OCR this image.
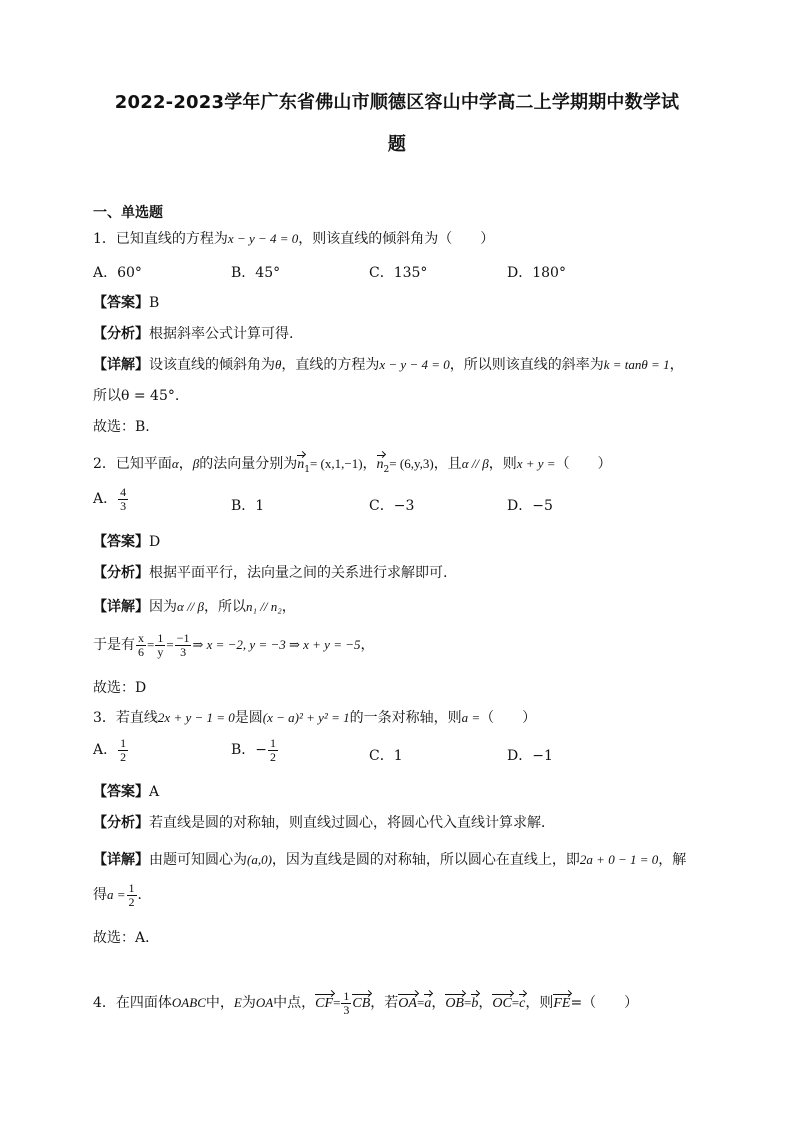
2022-2023学年广东省佛山市顺德区容山中学高二上学期期中数学试
题
一、单选题
1．已知直线的方程为x − y − 4 = 0，则该直线的倾斜角为（　　）
A．60°	B．45°	C．135°	D．180°
【答案】B
【分析】根据斜率公式计算可得.
【详解】设该直线的倾斜角为θ，直线的方程为x − y − 4 = 0，所以则该直线的斜率为k = tanθ = 1，
所以θ = 45°.
故选：B.
2．已知平面α，β的法向量分别为$n_1= (x,1,-1)$，$n_2= (6,y,3)$，且α // β，则x + y =（　　）
A． $\frac{4}{3}$	B．1	C．−3	D．−5
【答案】D
【分析】根据平面平行，法向量之间的关系进行求解即可.
【详解】因为α // β，所以n₁ // n₂，
于是有 $\frac{x}{6} = \frac{1}{y} = \frac{-1}{3}$ ⇒ x = −2, y = −3 ⇒ x + y = −5，
故选：D
3．若直线2x + y − 1 = 0是圆(x − a)² + y² = 1的一条对称轴，则a =（　　）
A． $\frac{1}{2}$	B．− $\frac{1}{2}$	C．1	D．−1
【答案】A
【分析】若直线是圆的对称轴，则直线过圆心，将圆心代入直线计算求解．
【详解】由题可知圆心为(a,0)，因为直线是圆的对称轴，所以圆心在直线上，即2a + 0 − 1 = 0，解
得$a = \frac{1}{2}$ ．
故选：A．
4．在四面体OABC中，E为OA中点，$CF= \frac{1}{3}$ CB，若OA=a，OB=b，OC=c，则FE=（　　）
